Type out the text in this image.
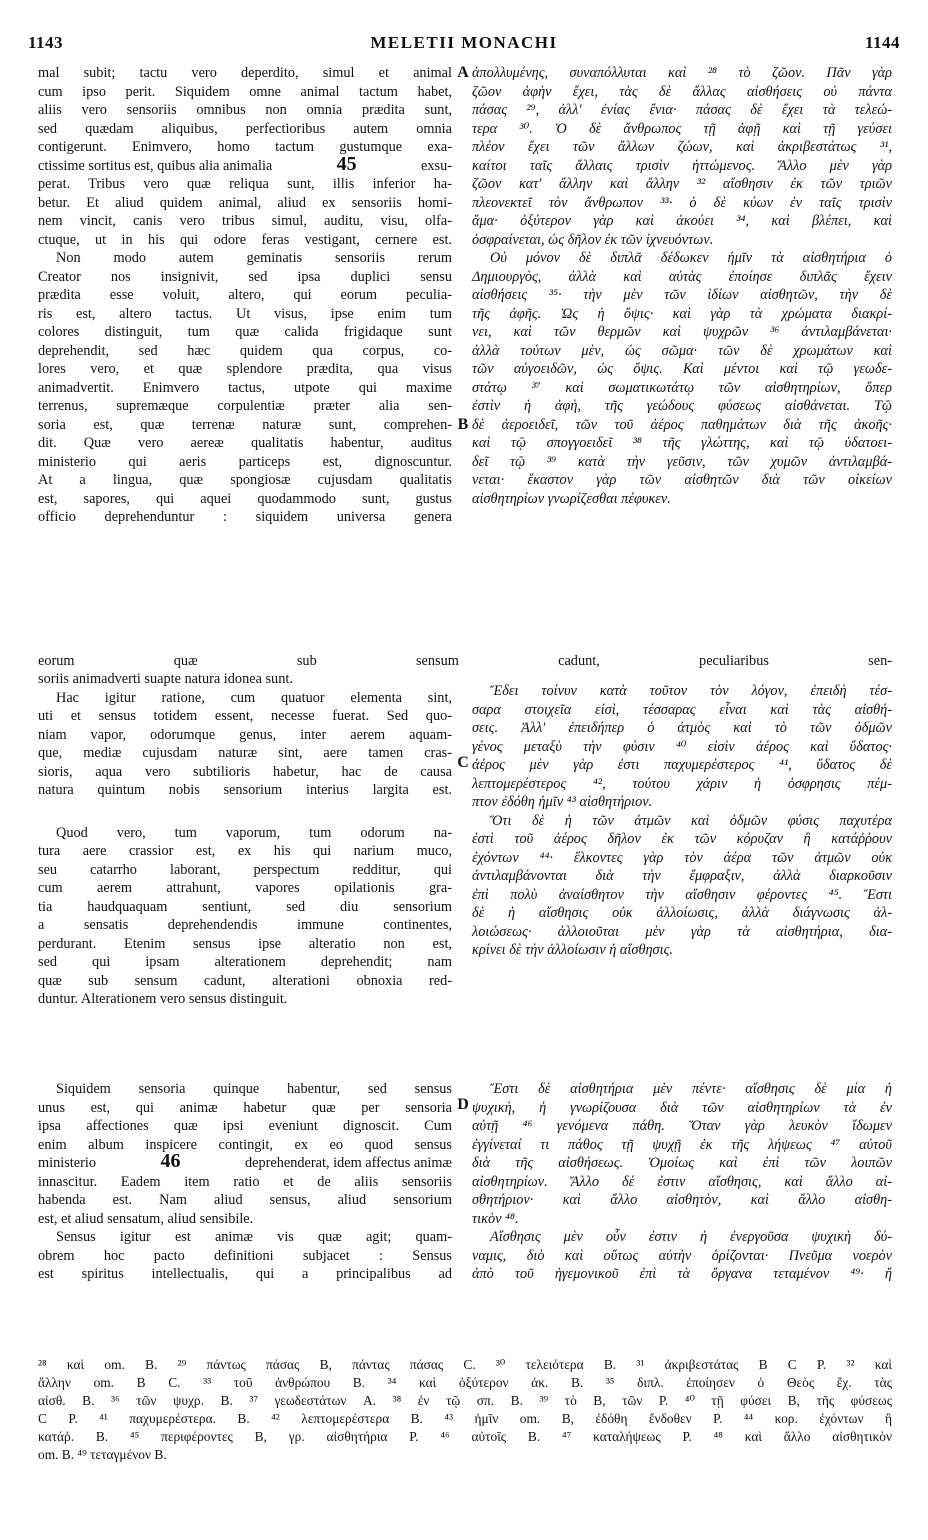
1143	MELETII MONACHI	1144
A
B
C
D
mal subit; tactu vero deperdito, simul et animal
cum ipso perit. Siquidem omne animal tactum habet,
aliis vero sensoriis omnibus non omnia prædita sunt,
sed quædam aliquibus, perfectioribus autem omnia
contigerunt. Enimvero, homo tactum gustumque exa-
ctissime sortitus est, quibus alia animalia	45	exsu-
perat. Tribus vero quæ reliqua sunt, illis inferior ha-
betur. Et aliud quidem animal, aliud ex sensoriis homi-
nem vincit, canis vero tribus simul, auditu, visu, olfa-
ctuque, ut in his qui odore feras vestigant, cernere est.
Non modo autem geminatis sensoriis rerum
Creator nos insignivit, sed ipsa duplici sensu
prædita esse voluit, altero, qui eorum peculia-
ris est, altero tactus. Ut visus, ipse enim tum
colores distinguit, tum quæ calida frigidaque sunt
deprehendit, sed hæc quidem qua corpus, co-
lores vero, et quæ splendore prædita, qua visus
animadvertit. Enimvero tactus, utpote qui maxime
terrenus, supremæque corpulentiæ præter alia sen-
soria est, quæ terrenæ naturæ sunt, comprehen-
dit. Quæ vero aereæ qualitatis habentur, auditus
ministerio qui aeris particeps est, dignoscuntur.
At a lingua, quæ spongiosæ cujusdam qualitatis
est, sapores, qui aquei quodammodo sunt, gustus
officio deprehenduntur : siquidem universa genera
ἀπολλυμένης, συναπόλλυται καὶ ²⁸ τὸ ζῶον. Πᾶν γὰρ
ζῶον ἀφὴν ἔχει, τὰς δὲ ἄλλας αἰσθήσεις οὐ πάντα
πάσας ²⁹, ἀλλ' ἐνίας ἔνια· πάσας δὲ ἔχει τὰ τελεώ-
τερα ³⁰. Ὁ δὲ ἄνθρωπος τῇ ἀφῇ καὶ τῇ γεύσει
πλέον ἔχει τῶν ἄλλων ζώων, καὶ ἀκριβεστάτως ³¹,
καίτοι ταῖς ἄλλαις τρισὶν ἡττώμενος. Ἄλλο μὲν γὰρ
ζῶον κατ' ἄλλην καὶ ἄλλην ³² αἴσθησιν ἐκ τῶν τριῶν
πλεονεκτεῖ τὸν ἄνθρωπον ³³· ὁ δὲ κύων ἐν ταῖς τρισὶν
ἅμα· ὀξύτερον γὰρ καὶ ἀκούει ³⁴, καὶ βλέπει, καὶ
ὀσφραίνεται, ὡς δῆλον ἐκ τῶν ἰχνευόντων.
Οὐ μόνον δὲ διπλᾶ δέδωκεν ἡμῖν τὰ αἰσθητήρια ὁ
Δημιουργὸς, ἀλλὰ καὶ αὐτὰς ἐποίησε διπλᾶς ἔχειν
αἰσθήσεις ³⁵· τὴν μὲν τῶν ἰδίων αἰσθητῶν, τὴν δὲ
τῆς ἀφῆς. Ὡς ἡ ὄψις· καὶ γὰρ τὰ χρώματα διακρί-
νει, καὶ τῶν θερμῶν καὶ ψυχρῶν ³⁶ ἀντιλαμβάνεται·
ἀλλὰ τούτων μὲν, ὡς σῶμα· τῶν δὲ χρωμάτων καὶ
τῶν αὐγοειδῶν, ὡς ὄψις. Καὶ μέντοι καὶ τῷ γεωδε-
στάτῳ ³⁷ καὶ σωματικωτάτῳ τῶν αἰσθητηρίων, ὅπερ
ἐστὶν ἡ ἀφὴ, τῆς γεώδους φύσεως αἰσθάνεται. Τῷ
δὲ ἀεροειδεῖ, τῶν τοῦ ἀέρος παθημάτων διὰ τῆς ἀκοῆς·
καὶ τῷ σπογγοειδεῖ ³⁸ τῆς γλώττης, καὶ τῷ ὑδατοει-
δεῖ τῷ ³⁹ κατὰ τὴν γεῦσιν, τῶν χυμῶν ἀντιλαμβά-
νεται· ἕκαστον γὰρ τῶν αἰσθητῶν διὰ τῶν οἰκείων
αἰσθητηρίων γνωρίζεσθαι πέφυκεν.
eorum quæ sub sensum cadunt, peculiaribus sen-
soriis animadverti suapte natura idonea sunt.
Hac igitur ratione, cum quatuor elementa sint,
uti et sensus totidem essent, necesse fuerat. Sed quo-
niam vapor, odorumque genus, inter aerem aquam-
que, mediæ cujusdam naturæ sint, aere tamen cras-
sioris, aqua vero subtilioris habetur, hac de causa
natura quintum nobis sensorium interius largita est.
Quod vero, tum vaporum, tum odorum na-
tura aere crassior est, ex his qui narium muco,
seu catarrho laborant, perspectum redditur, qui
cum aerem attrahunt, vapores opilationis gra-
tia haudquaquam sentiunt, sed diu sensorium
a sensatis deprehendendis immune continentes,
perdurant. Etenim sensus ipse alteratio non est,
sed qui ipsam alterationem deprehendit; nam
quæ sub sensum cadunt, alterationi obnoxia red-
duntur. Alterationem vero sensus distinguit.
Ἔδει τοίνυν κατὰ τοῦτον τὸν λόγον, ἐπειδὴ τέσ-
σαρα στοιχεῖα εἰσὶ, τέσσαρας εἶναι καὶ τὰς αἰσθή-
σεις. Ἀλλ' ἐπειδήπερ ὁ ἀτμὸς καὶ τὸ τῶν ὀδμῶν
γένος μεταξὺ τὴν φύσιν ⁴⁰ εἰσὶν ἀέρος καὶ ὕδατος·
ἀέρος μὲν γὰρ ἐστι παχυμερέστερος ⁴¹, ὕδατος δὲ
λεπτομερέστερος ⁴², τούτου χάριν ἡ ὀσφρησις πέμ-
πτον ἐδόθη ἡμῖν ⁴³ αἰσθητήριον.
Ὅτι δὲ ἡ τῶν ἀτμῶν καὶ ὀδμῶν φύσις παχυτέρα
ἐστὶ τοῦ ἀέρος δῆλον ἐκ τῶν κόρυζαν ἢ κατάῤῥουν
ἐχόντων ⁴⁴· ἕλκοντες γὰρ τὸν ἀέρα τῶν ἀτμῶν οὐκ
ἀντιλαμβάνονται διὰ τὴν ἔμφραξιν, ἀλλὰ διαρκοῦσιν
ἐπὶ πολὺ ἀναίσθητον τὴν αἴσθησιν φέροντες ⁴⁵. Ἔστι
δὲ ἡ αἴσθησις οὐκ ἀλλοίωσις, ἀλλὰ διάγνωσις ἀλ-
λοιώσεως· ἀλλοιοῦται μὲν γὰρ τὰ αἰσθητήρια, δια-
κρίνει δὲ τὴν ἀλλοίωσιν ἡ αἴσθησις.
Siquidem sensoria quinque habentur, sed sensus
unus est, qui animæ habetur quæ per sensoria
ipsa affectiones quæ ipsi eveniunt dignoscit. Cum
enim album inspicere contingit, ex eo quod sensus
ministerio	46	deprehenderat, idem affectus animæ
innascitur. Eadem item ratio et de aliis sensoriis
habenda est. Nam aliud sensus, aliud sensorium
est, et aliud sensatum, aliud sensibile.
Sensus igitur est animæ vis quæ agit; quam-
obrem hoc pacto definitioni subjacet : Sensus
est spiritus intellectualis, qui a principalibus ad
Ἔστι δὲ αἰσθητήρια μὲν πέντε· αἴσθησις δὲ μία ἡ
ψυχικὴ, ἡ γνωρίζουσα διὰ τῶν αἰσθητηρίων τὰ ἐν
αὐτῇ ⁴⁶ γενόμενα πάθη. Ὅταν γὰρ λευκὸν ἴδωμεν
ἐγγίνεταί τι πάθος τῇ ψυχῇ ἐκ τῆς λήψεως ⁴⁷ αὐτοῦ
διὰ τῆς αἰσθήσεως. Ὁμοίως καὶ ἐπὶ τῶν λοιπῶν
αἰσθητηρίων. Ἄλλο δέ ἐστιν αἴσθησις, καὶ ἄλλο αἰ-
σθητήριον· καὶ ἄλλο αἰσθητὸν, καὶ ἄλλο αἰσθη-
τικὸν ⁴⁸.
Αἴσθησις μὲν οὖν ἐστιν ἡ ἐνεργοῦσα ψυχικὴ δύ-
ναμις, διὸ καὶ οὕτως αὐτὴν ὁρίζονται· Πνεῦμα νοερὸν
ἀπὸ τοῦ ἡγεμονικοῦ ἐπὶ τὰ ὄργανα τεταμένον ⁴⁹· ἤ
²⁸ καὶ om. B. ²⁹ πάντως πάσας B, πάντας πάσας C. ³⁰ τελειότερα B. ³¹ ἀκριβεστάτας B C P. ³² καὶ
ἄλλην om. B C. ³³ τοῦ ἀνθρώπου B. ³⁴ καὶ ὀξύτερον ἀκ. B. ³⁵ διπλ. ἐποίησεν ὁ Θεὸς ἔχ. τὰς
αἰσθ. B. ³⁶ τῶν ψυχρ. B. ³⁷ γεωδεστάτων A. ³⁸ ἐν τῷ σπ. B. ³⁹ τὸ B, τῶν P. ⁴⁰ τῇ φύσει B, τῆς φύσεως
C P. ⁴¹ παχυμερέστερα. B. ⁴² λεπτομερέστερα B. ⁴³ ἡμῖν om. B, ἐδόθη ἔνδοθεν P. ⁴⁴ κορ. ἐχόντων ἢ
κατάῤ. B. ⁴⁵ περιφέροντες B, γρ. αἰσθητήρια P. ⁴⁶ αὐτοῖς B. ⁴⁷ καταλήψεως P. ⁴⁸ καὶ ἄλλο αἰσθητικὸν
om. B. ⁴⁹ τεταγμένον B.
